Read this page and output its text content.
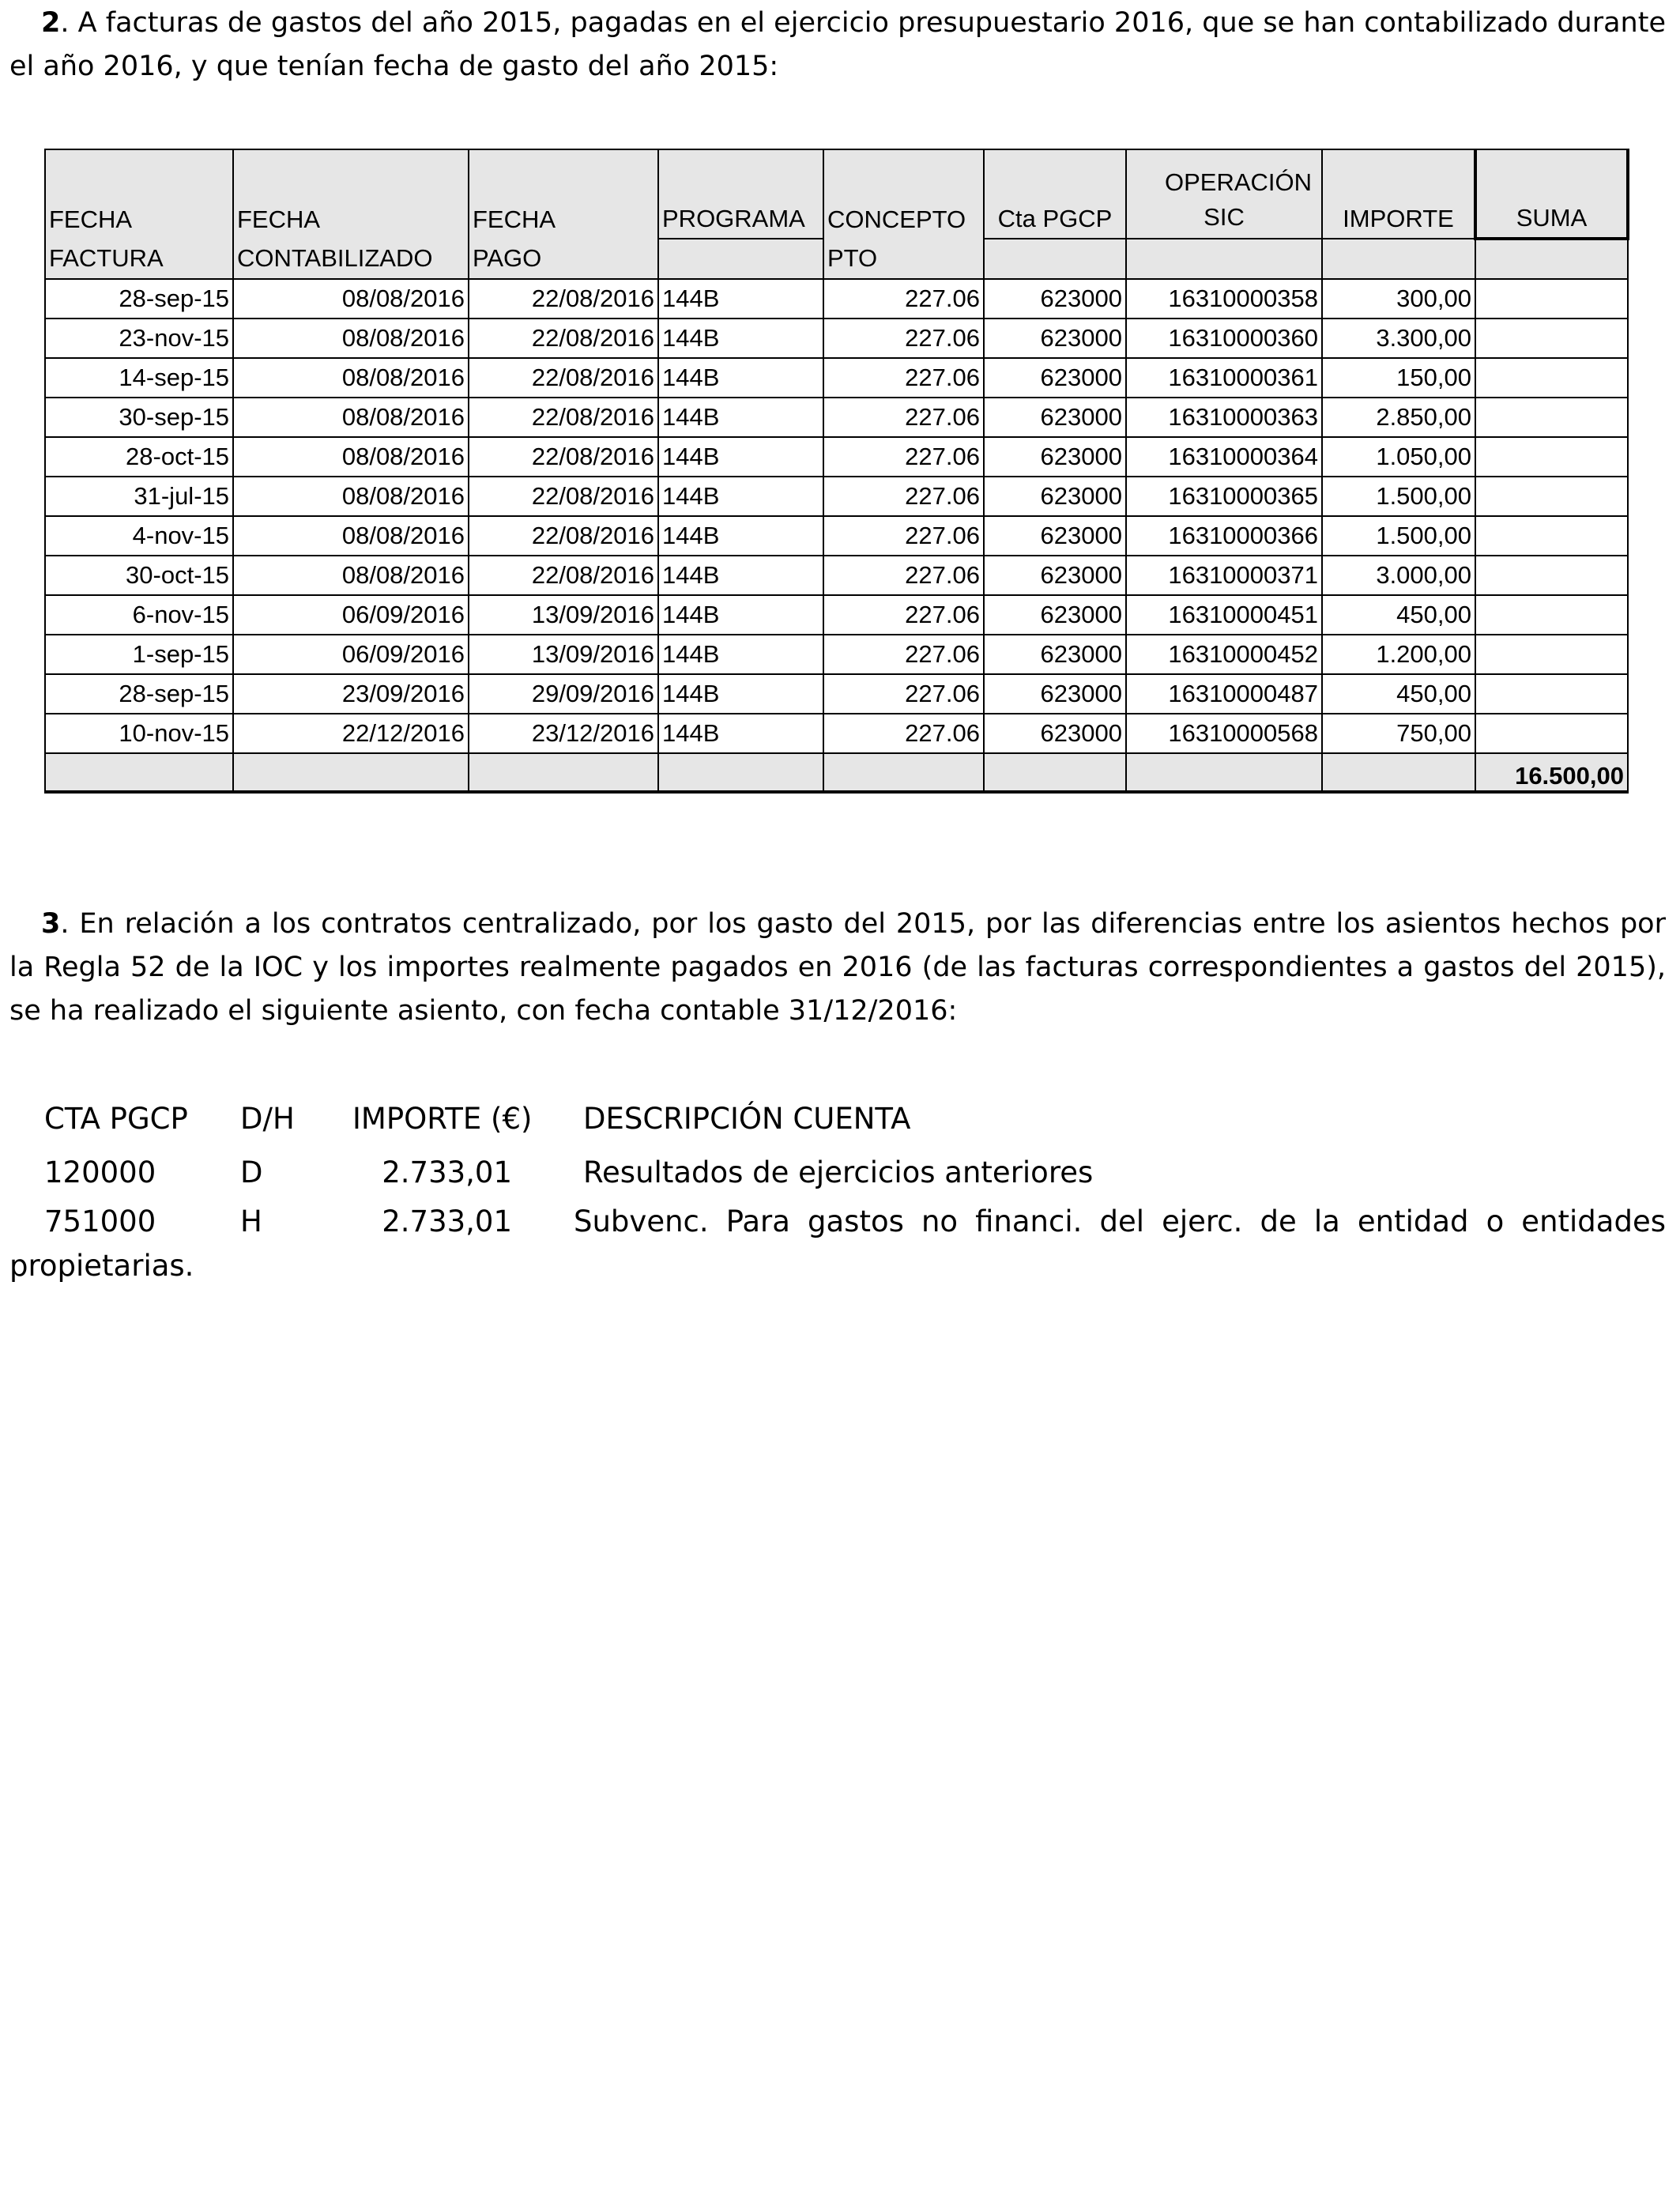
2. A facturas de gastos del año 2015, pagadas en el ejercicio presupuestario 2016, que se han contabilizado durante el año 2016, y que tenían fecha de gasto del año 2015:
FECHA	FECHA	FECHA	PROGRAMA	CONCEPTO	Cta PGCP	OPERACIÓN SIC	IMPORTE	SUMA
FACTURA	CONTABILIZADO	PAGO		PTO				
28-sep-15	08/08/2016	22/08/2016	144B	227.06	623000	16310000358	300,00	
23-nov-15	08/08/2016	22/08/2016	144B	227.06	623000	16310000360	3.300,00	
14-sep-15	08/08/2016	22/08/2016	144B	227.06	623000	16310000361	150,00	
30-sep-15	08/08/2016	22/08/2016	144B	227.06	623000	16310000363	2.850,00	
28-oct-15	08/08/2016	22/08/2016	144B	227.06	623000	16310000364	1.050,00	
31-jul-15	08/08/2016	22/08/2016	144B	227.06	623000	16310000365	1.500,00	
4-nov-15	08/08/2016	22/08/2016	144B	227.06	623000	16310000366	1.500,00	
30-oct-15	08/08/2016	22/08/2016	144B	227.06	623000	16310000371	3.000,00	
6-nov-15	06/09/2016	13/09/2016	144B	227.06	623000	16310000451	450,00	
1-sep-15	06/09/2016	13/09/2016	144B	227.06	623000	16310000452	1.200,00	
28-sep-15	23/09/2016	29/09/2016	144B	227.06	623000	16310000487	450,00	
10-nov-15	22/12/2016	23/12/2016	144B	227.06	623000	16310000568	750,00	
								16.500,00
3. En relación a los contratos centralizado, por los gasto del 2015, por las diferencias entre los asientos hechos por la Regla 52 de la IOC y los importes realmente pagados en 2016 (de las facturas correspondientes a gastos del 2015), se ha realizado el siguiente asiento, con fecha contable 31/12/2016:
CTA PGCP D/H IMPORTE (€) DESCRIPCIÓN CUENTA
120000	D	2.733,01 Resultados de ejercicios anteriores
751000	H	2.733,01	Subvenc. Para gastos no financi. del ejerc. de la entidad o entidades propietarias.
